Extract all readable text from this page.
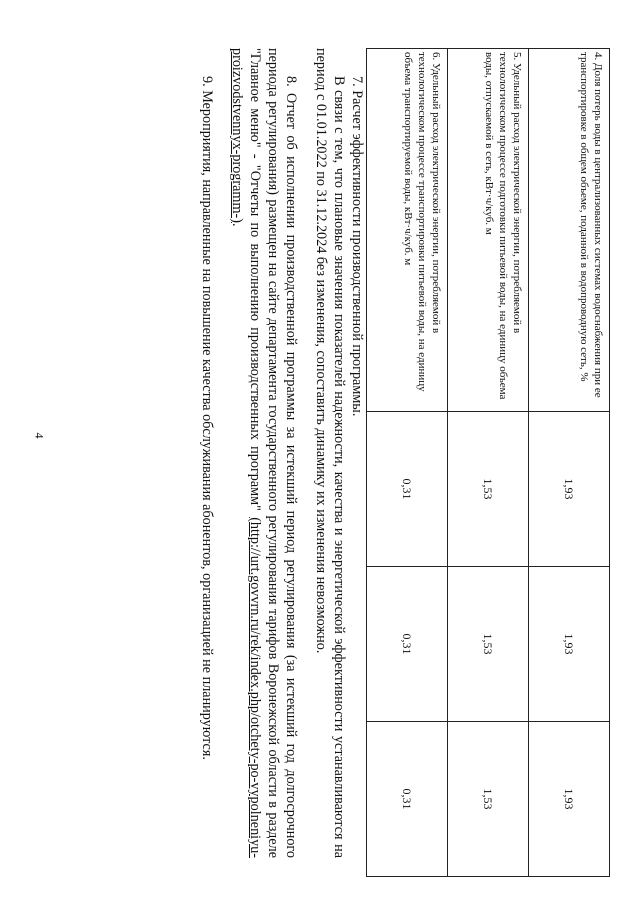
4
4. Доля потерь воды в централизованных системах водоснабжения при ее транспортировке в общем объеме, поданной в водопроводную сеть, %	1,93	1,93	1,93
5. Удельный расход электрической энергии, потребляемой в технологическом процессе подготовки питьевой воды, на единицу объема воды, отпускаемой в сеть, кВт·ч/куб. м	1,53	1,53	1,53
6. Удельный расход электрической энергии, потребляемой в технологическом процессе транспортировки питьевой воды, на единицу объема транспортируемой воды, кВт·ч/куб. м	0,31	0,31	0,31

7. Расчет эффективности производственной программы.

В связи с тем, что плановые значения показателей надежности, качества и энергетической эффективности устанавливаются на период с 01.01.2022 по 31.12.2024 без изменения, сопоставить динамику их изменения невозможно.

8. Отчет об исполнении производственной программы за истекший период регулирования (за истекший год долгосрочного периода регулирования) размещен на сайте департамента государственного регулирования тарифов Воронежской области в разделе "Главное меню" - "Отчеты по выполнению производственных программ" (http://urt.govvrn.ru/rek/index.php/otchety-po-vypolneniyu-proizvodstvennyx-programm-).

9. Мероприятия, направленные на повышение качества обслуживания абонентов, организацией не планируются.
